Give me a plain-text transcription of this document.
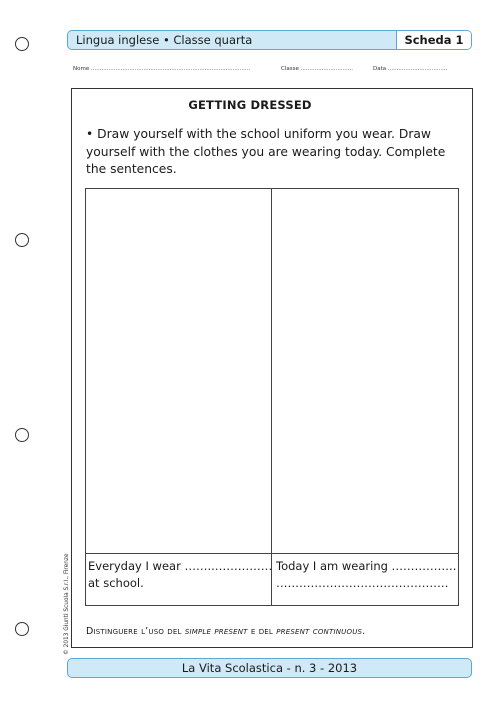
Lingua inglese • Classe quarta	Scheda 1
Nome ...........................................................................................	Classe ..............................	Data ..................................
GETTING DRESSED
• Draw yourself with the school uniform you wear. Draw yourself with the clothes you are wearing today. Complete the sentences.
Everyday I wear ……..……………
at school.
Today I am wearing ……………..
………………………………………
Distinguere l’uso del simple present e del present continuous.
La Vita Scolastica - n. 3 - 2013
© 2013 Giunti Scuola S.r.l., Firenze
